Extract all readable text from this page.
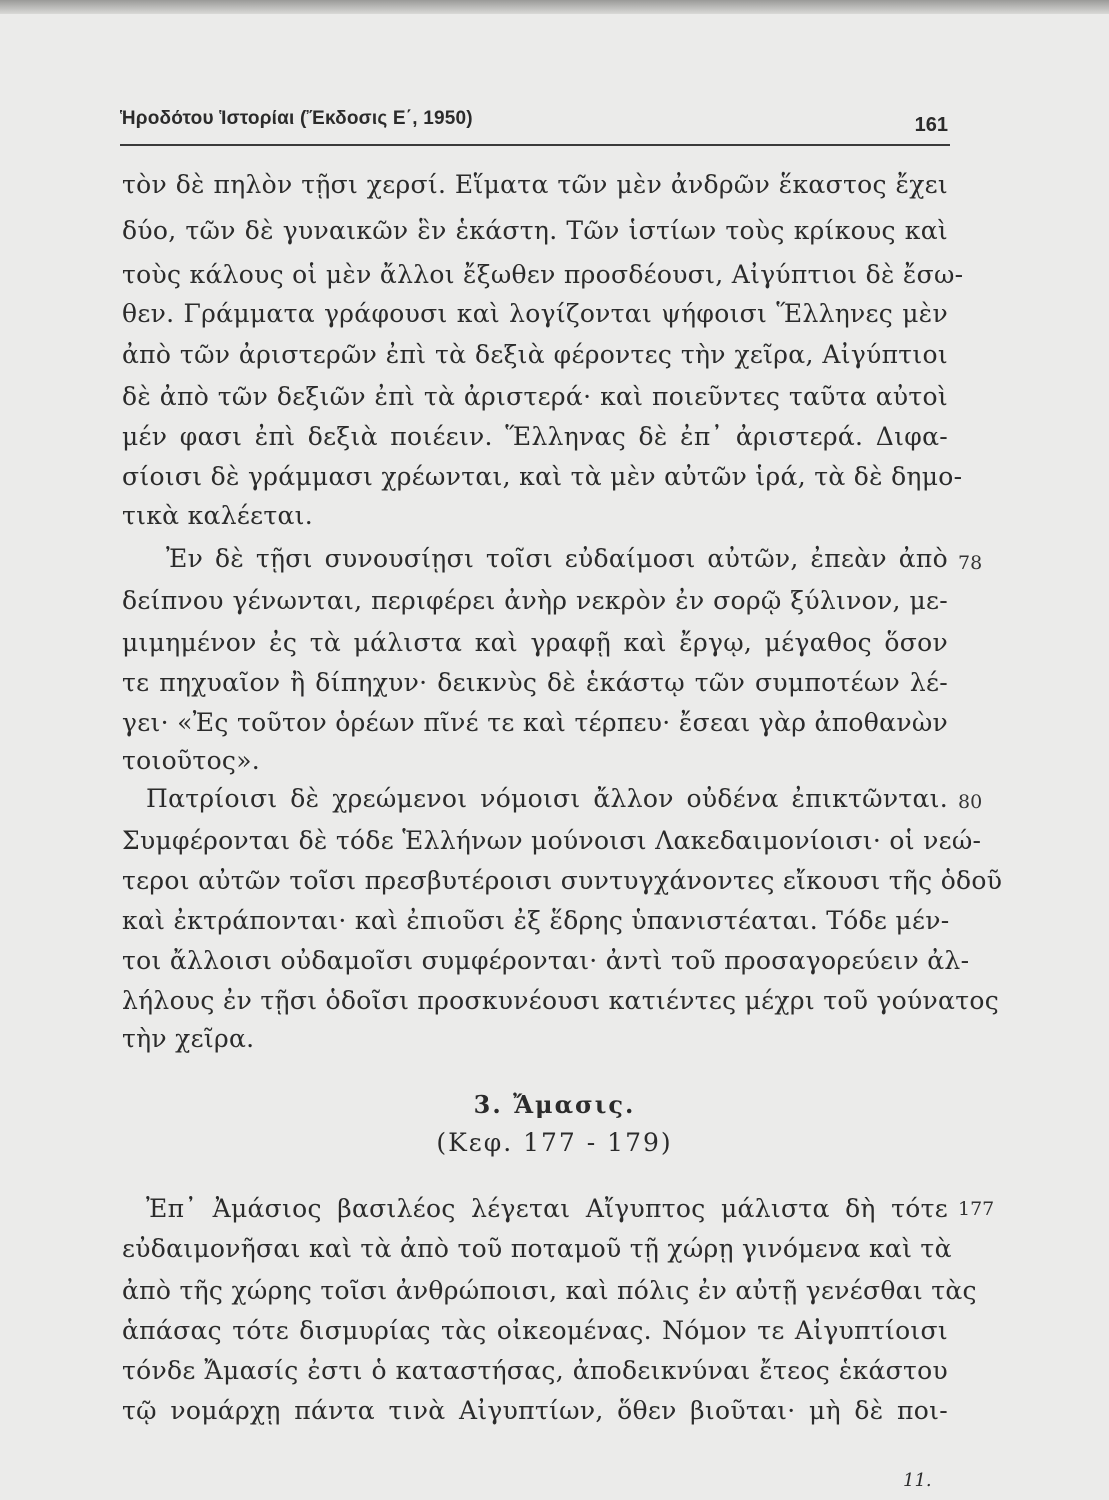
Ἡροδότου Ἱστορίαι (Ἔκδοσις Ε΄, 1950)	161
τὸν δὲ πηλὸν τῇσι χερσί. Εἵματα τῶν μὲν ἀνδρῶν ἕκαστος ἔχει
δύο, τῶν δὲ γυναικῶν ἓν ἑκάστη. Τῶν ἱστίων τοὺς κρίκους καὶ
τοὺς κάλους οἱ μὲν ἄλλοι ἔξωθεν προσδέουσι, Αἰγύπτιοι δὲ ἔσω-
θεν. Γράμματα γράφουσι καὶ λογίζονται ψήφοισι Ἕλληνες μὲν
ἀπὸ τῶν ἀριστερῶν ἐπὶ τὰ δεξιὰ φέροντες τὴν χεῖρα, Αἰγύπτιοι
δὲ ἀπὸ τῶν δεξιῶν ἐπὶ τὰ ἀριστερά· καὶ ποιεῦντες ταῦτα αὐτοὶ
μέν φασι ἐπὶ δεξιὰ ποιέειν. Ἕλληνας δὲ ἐπ᾽ ἀριστερά. Διφα-
σίοισι δὲ γράμμασι χρέωνται, καὶ τὰ μὲν αὐτῶν ἱρά, τὰ δὲ δημο-
τικὰ καλέεται.
Ἐν δὲ τῇσι συνουσίῃσι τοῖσι εὐδαίμοσι αὐτῶν, ἐπεὰν ἀπὸ 78
δείπνου γένωνται, περιφέρει ἀνὴρ νεκρὸν ἐν σορῷ ξύλινον, με-
μιμημένον ἐς τὰ μάλιστα καὶ γραφῇ καὶ ἔργῳ, μέγαθος ὅσον
τε πηχυαῖον ἢ δίπηχυν· δεικνὺς δὲ ἑκάστῳ τῶν συμποτέων λέ-
γει· «Ἐς τοῦτον ὁρέων πῖνέ τε καὶ τέρπευ· ἔσεαι γὰρ ἀποθανὼν
τοιοῦτος».
Πατρίοισι δὲ χρεώμενοι νόμοισι ἄλλον οὐδένα ἐπικτῶνται. 80
Συμφέρονται δὲ τόδε Ἑλλήνων μούνοισι Λακεδαιμονίοισι· οἱ νεώ-
τεροι αὐτῶν τοῖσι πρεσβυτέροισι συντυγχάνοντες εἴκουσι τῆς ὁδοῦ
καὶ ἐκτράπονται· καὶ ἐπιοῦσι ἐξ ἕδρης ὑπανιστέαται. Τόδε μέν-
τοι ἄλλοισι οὐδαμοῖσι συμφέρονται· ἀντὶ τοῦ προσαγορεύειν ἀλ-
λήλους ἐν τῇσι ὁδοῖσι προσκυνέουσι κατιέντες μέχρι τοῦ γούνατος
τὴν χεῖρα.
3. Ἄμασις.
(Κεφ. 177 - 179)
Ἐπ᾽ Ἀμάσιος βασιλέος λέγεται Αἴγυπτος μάλιστα δὴ τότε 177
εὐδαιμονῆσαι καὶ τὰ ἀπὸ τοῦ ποταμοῦ τῇ χώρῃ γινόμενα καὶ τὰ
ἀπὸ τῆς χώρης τοῖσι ἀνθρώποισι, καὶ πόλις ἐν αὐτῇ γενέσθαι τὰς
ἁπάσας τότε δισμυρίας τὰς οἰκεομένας. Νόμον τε Αἰγυπτίοισι
τόνδε Ἄμασίς ἐστι ὁ καταστήσας, ἀποδεικνύναι ἔτεος ἑκάστου
τῷ νομάρχῃ πάντα τινὰ Αἰγυπτίων, ὅθεν βιοῦται· μὴ δὲ ποι-
11.
